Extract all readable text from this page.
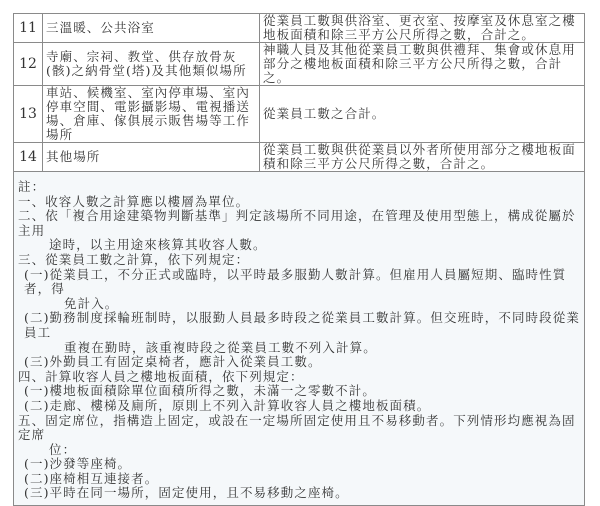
11	三溫暖、公共浴室	從業員工數與供浴室、更衣室、按摩室及休息室之樓地板面積和除三平方公尺所得之數，合計之。
12	寺廟、宗祠、教堂、供存放骨灰(骸)之納骨堂(塔)及其他類似場所	神職人員及其他從業員工數與供禮拜、集會或休息用部分之樓地板面積和除三平方公尺所得之數，合計之。
13	車站、候機室、室內停車場、室內停車空間、電影攝影場、電視播送場、倉庫、傢俱展示販售場等工作場所	從業員工數之合計。
14	其他場所	從業員工數與供從業員以外者所使用部分之樓地板面積和除三平方公尺所得之數，合計之。
註：
一、收容人數之計算應以樓層為單位。
二、依「複合用途建築物判斷基準」判定該場所不同用途，在管理及使用型態上，構成從屬於主用
途時，以主用途來核算其收容人數。
三、從業員工數之計算，依下列規定：
(一)從業員工，不分正式或臨時，以平時最多服勤人數計算。但雇用人員屬短期、臨時性質者，得
免計入。
(二)勤務制度採輪班制時，以服勤人員最多時段之從業員工數計算。但交班時，不同時段從業員工
重複在勤時，該重複時段之從業員工數不列入計算。
(三)外勤員工有固定桌椅者，應計入從業員工數。
四、計算收容人員之樓地板面積，依下列規定：
(一)樓地板面積除單位面積所得之數，未滿一之零數不計。
(二)走廊、樓梯及廁所，原則上不列入計算收容人員之樓地板面積。
五、固定席位，指構造上固定，或設在一定場所固定使用且不易移動者。下列情形均應視為固定席
位：
(一)沙發等座椅。
(二)座椅相互連接者。
(三)平時在同一場所，固定使用，且不易移動之座椅。
